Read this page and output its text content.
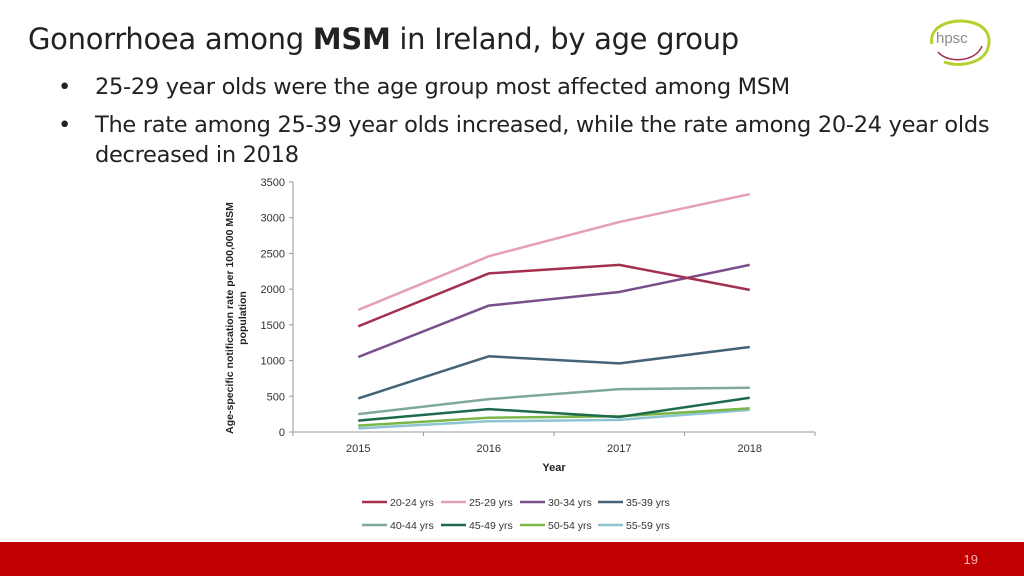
Gonorrhoea among MSM in Ireland, by age group	hpsc
• 25-29 year olds were the age group most affected among MSM
• The rate among 25-39 year olds increased, while the rate among 20-24 year olds decreased in 2018
Age-specific notification rate per 100,000 MSM population
Year
0
500
1000
1500
2000
2500
3000
3500
2015	2016	2017	2018
20-24 yrs	25-29 yrs	30-34 yrs	35-39 yrs
40-44 yrs	45-49 yrs	50-54 yrs	55-59 yrs
19
